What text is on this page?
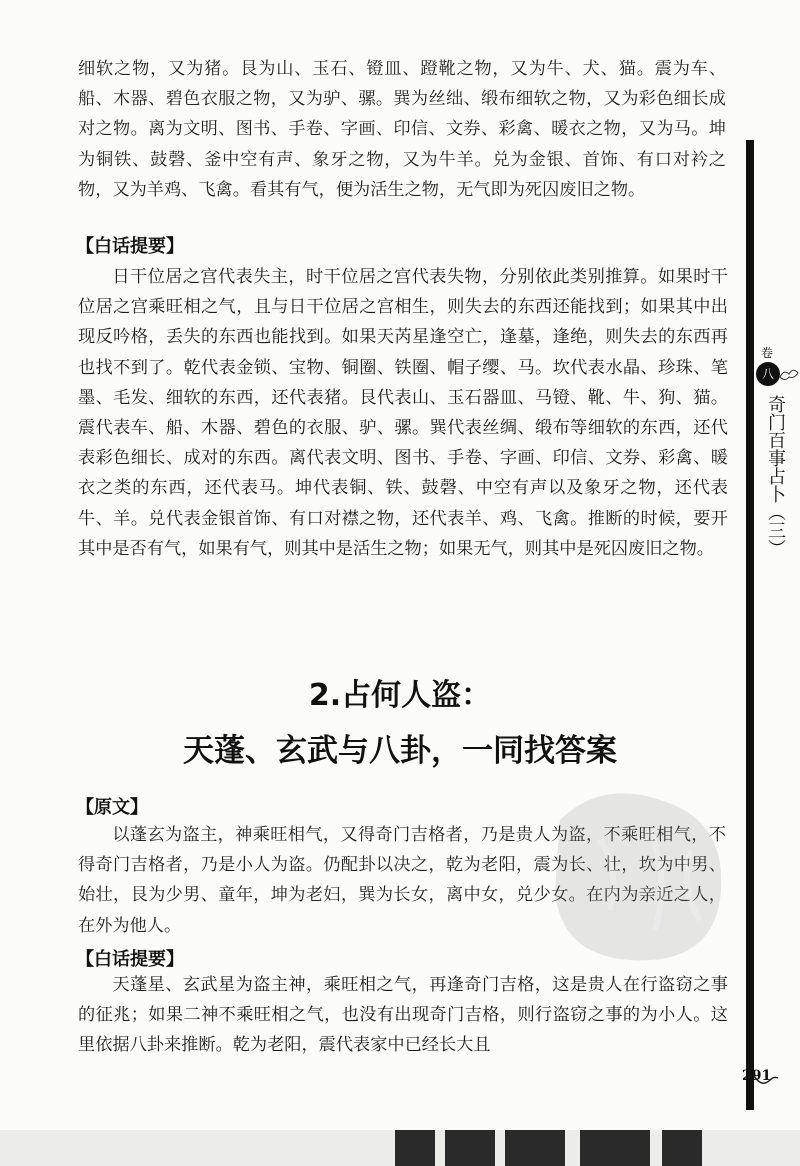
细软之物，又为猪。艮为山、玉石、镫皿、蹬靴之物，又为牛、犬、猫。震为车、船、木器、碧色衣服之物，又为驴、骡。巽为丝绌、缎布细软之物，又为彩色细长成对之物。离为文明、图书、手卷、字画、印信、文券、彩禽、暖衣之物，又为马。坤为铜铁、鼓磬、釜中空有声、象牙之物，又为牛羊。兑为金银、首饰、有口对衿之物，又为羊鸡、飞禽。看其有气，便为活生之物，无气即为死囚废旧之物。

【白话提要】

日干位居之宫代表失主，时干位居之宫代表失物，分别依此类别推算。如果时干位居之宫乘旺相之气，且与日干位居之宫相生，则失去的东西还能找到；如果其中出现反吟格，丢失的东西也能找到。如果天芮星逢空亡，逢墓，逢绝，则失去的东西再也找不到了。乾代表金锁、宝物、铜圈、铁圈、帽子缨、马。坎代表水晶、珍珠、笔墨、毛发、细软的东西，还代表猪。艮代表山、玉石器皿、马镫、靴、牛、狗、猫。震代表车、船、木器、碧色的衣服、驴、骡。巽代表丝绸、缎布等细软的东西，还代表彩色细长、成对的东西。离代表文明、图书、手卷、字画、印信、文券、彩禽、暖衣之类的东西，还代表马。坤代表铜、铁、鼓磬、中空有声以及象牙之物，还代表牛、羊。兑代表金银首饰、有口对襟之物，还代表羊、鸡、飞禽。推断的时候，要开其中是否有气，如果有气，则其中是活生之物；如果无气，则其中是死囚废旧之物。

2.占何人盗：
天蓬、玄武与八卦，一同找答案
【原文】

以蓬玄为盗主，神乘旺相气，又得奇门吉格者，乃是贵人为盗，不乘旺相气，不得奇门吉格者，乃是小人为盗。仍配卦以决之，乾为老阳，震为长、壮，坎为中男、始壮，艮为少男、童年，坤为老妇，巽为长女，离中女，兑少女。在内为亲近之人，在外为他人。

【白话提要】

天蓬星、玄武星为盗主神，乘旺相之气，再逢奇门吉格，这是贵人在行盗窃之事的征兆；如果二神不乘旺相之气，也没有出现奇门吉格，则行盗窃之事的为小人。这里依据八卦来推断。乾为老阳，震代表家中已经长大且

卷
八
奇门百事占卜（三）
291
